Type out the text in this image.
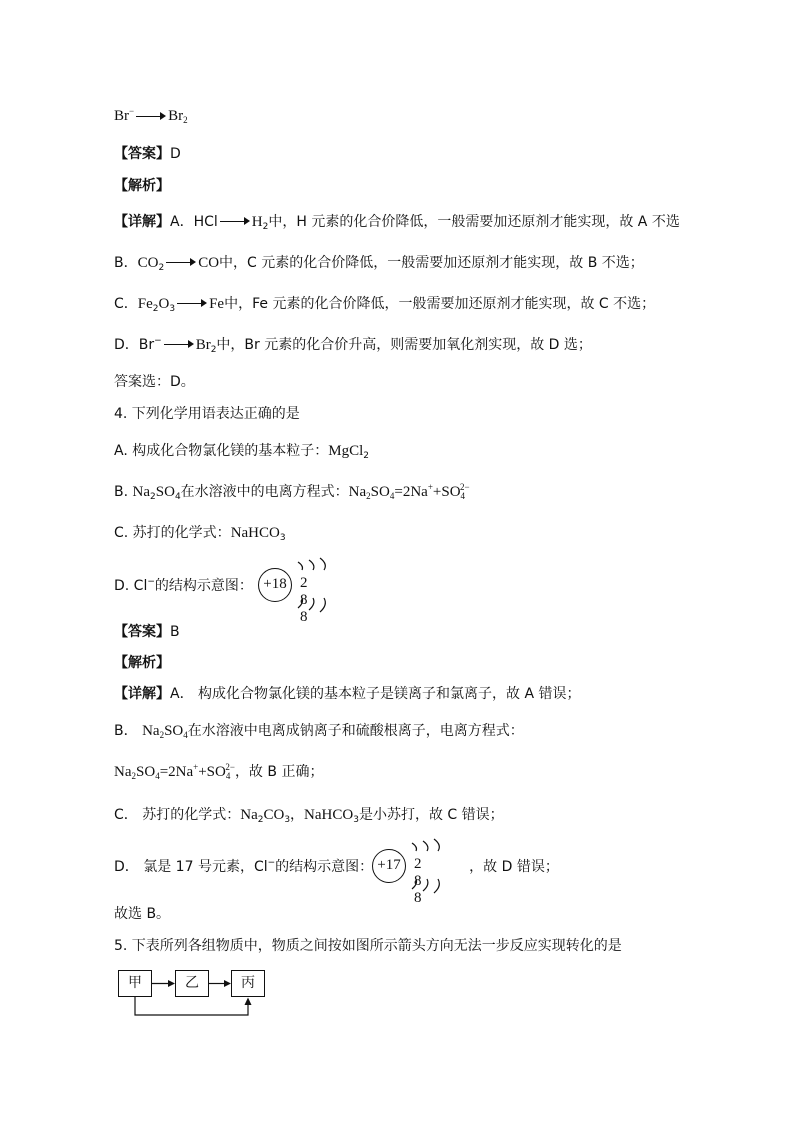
Br− $Br_2$
【答案】D
【解析】
【详解】A．HCl $H_2$中，H 元素的化合价降低，一般需要加还原剂才能实现，故 A 不选
B．$CO_2$ CO中，C 元素的化合价降低，一般需要加还原剂才能实现，故 B 不选；
C．$Fe_2O_3$ Fe中，Fe 元素的化合价降低，一般需要加还原剂才能实现，故 C 不选；
D．Br− $Br_2$中，Br 元素的化合价升高，则需要加氧化剂实现，故 D 选；
答案选：D。
4. 下列化学用语表达正确的是
A. 构成化合物氯化镁的基本粒子：MgCl$_2$
B. $Na_2SO_4$在水溶液中的电离方程式：$Na_2SO_4=2Na^++SO_4^{2-}$
C. 苏打的化学式：NaHCO$_3$
D. Cl−的结构示意图： +18 2 8 8
【答案】B
【解析】
【详解】A． 构成化合物氯化镁的基本粒子是镁离子和氯离子，故 A 错误；
B． $Na_2SO_4$在水溶液中电离成钠离子和硫酸根离子，电离方程式：
$Na_2SO_4=2Na^++SO_4^{2-}$，故 B 正确；
C． 苏打的化学式：$Na_2CO_3$，NaHCO$_3$是小苏打，故 C 错误；
D． 氯是 17 号元素，Cl−的结构示意图：	，故 D 错误；
+17 2 8 8
故选 B。
5. 下表所列各组物质中，物质之间按如图所示箭头方向无法一步反应实现转化的是
甲	乙	丙
